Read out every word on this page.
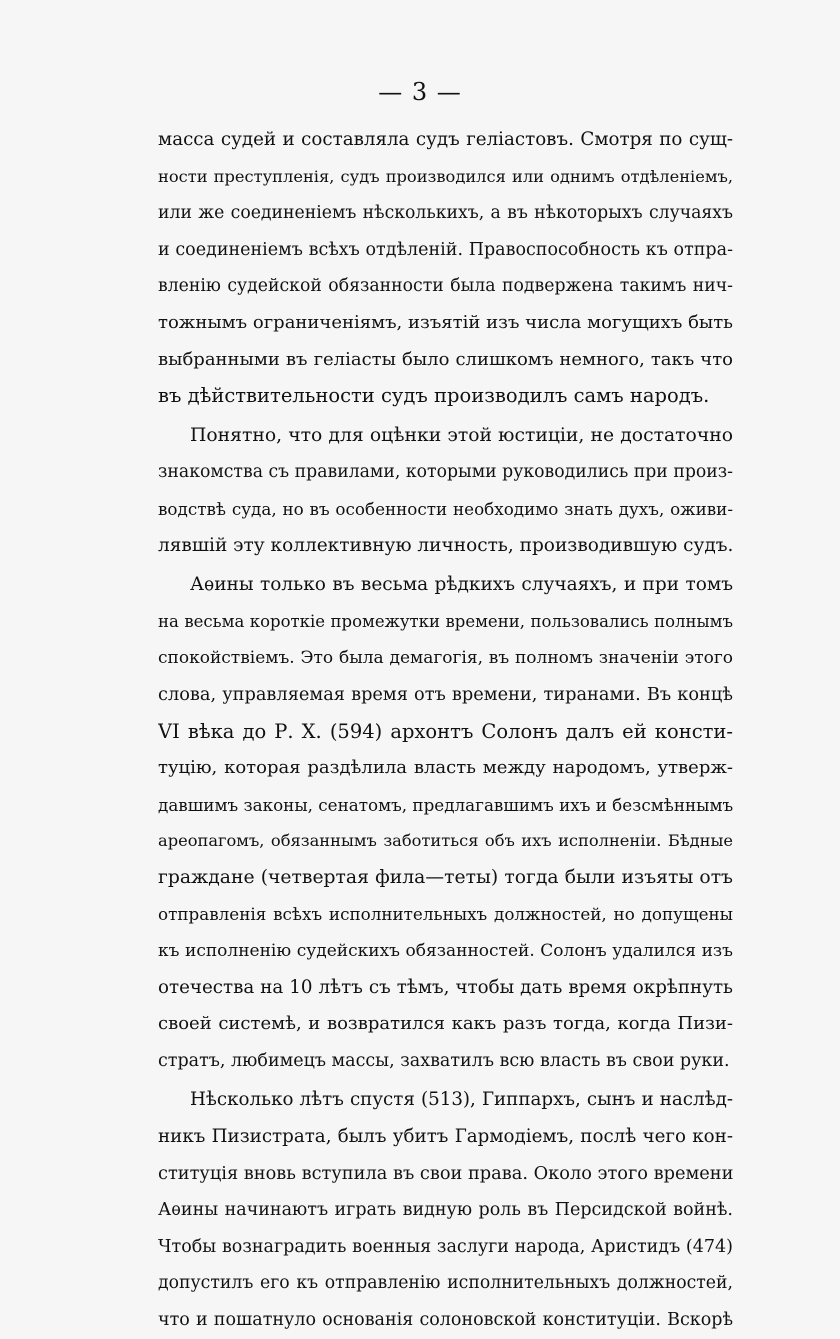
— 3 —
масса судей и составляла судъ геліастовъ. Смотря по сущ-
ности преступленія, судъ производился или однимъ отдѣленіемъ,
или же соединеніемъ нѣсколькихъ, а въ нѣкоторыхъ случаяхъ
и соединеніемъ всѣхъ отдѣленій. Правоспособность къ отпра-
вленію судейской обязанности была подвержена такимъ нич-
тожнымъ ограниченіямъ, изъятій изъ числа могущихъ быть
выбранными въ геліасты было слишкомъ немного, такъ что
въ дѣйствительности судъ производилъ самъ народъ.
Понятно, что для оцѣнки этой юстиціи, не достаточно
знакомства съ правилами, которыми руководились при произ-
водствѣ суда, но въ особенности необходимо знать духъ, оживи-
лявшій эту коллективную личность, производившую судъ.
Аѳины только въ весьма рѣдкихъ случаяхъ, и при томъ
на весьма короткіе промежутки времени, пользовались полнымъ
спокойствіемъ. Это была демагогія, въ полномъ значеніи этого
слова, управляемая время отъ времени, тиранами. Въ концѣ
VI вѣка до Р. Х. (594) архонтъ Солонъ далъ ей консти-
туцію, которая раздѣлила власть между народомъ, утверж-
давшимъ законы, сенатомъ, предлагавшимъ ихъ и безсмѣннымъ
ареопагомъ, обязаннымъ заботиться объ ихъ исполненіи. Бѣдные
граждане (четвертая фила—теты) тогда были изъяты отъ
отправленія всѣхъ исполнительныхъ должностей, но допущены
къ исполненію судейскихъ обязанностей. Солонъ удалился изъ
отечества на 10 лѣтъ съ тѣмъ, чтобы дать время окрѣпнуть
своей системѣ, и возвратился какъ разъ тогда, когда Пизи-
стратъ, любимецъ массы, захватилъ всю власть въ свои руки.
Нѣсколько лѣтъ спустя (513), Гиппархъ, сынъ и наслѣд-
никъ Пизистрата, былъ убитъ Гармодіемъ, послѣ чего кон-
ституція вновь вступила въ свои права. Около этого времени
Аѳины начинаютъ играть видную роль въ Персидской войнѣ.
Чтобы вознаградить военныя заслуги народа, Аристидъ (474)
допустилъ его къ отправленію исполнительныхъ должностей,
что и пошатнуло основанія солоновской конституціи. Вскорѣ
